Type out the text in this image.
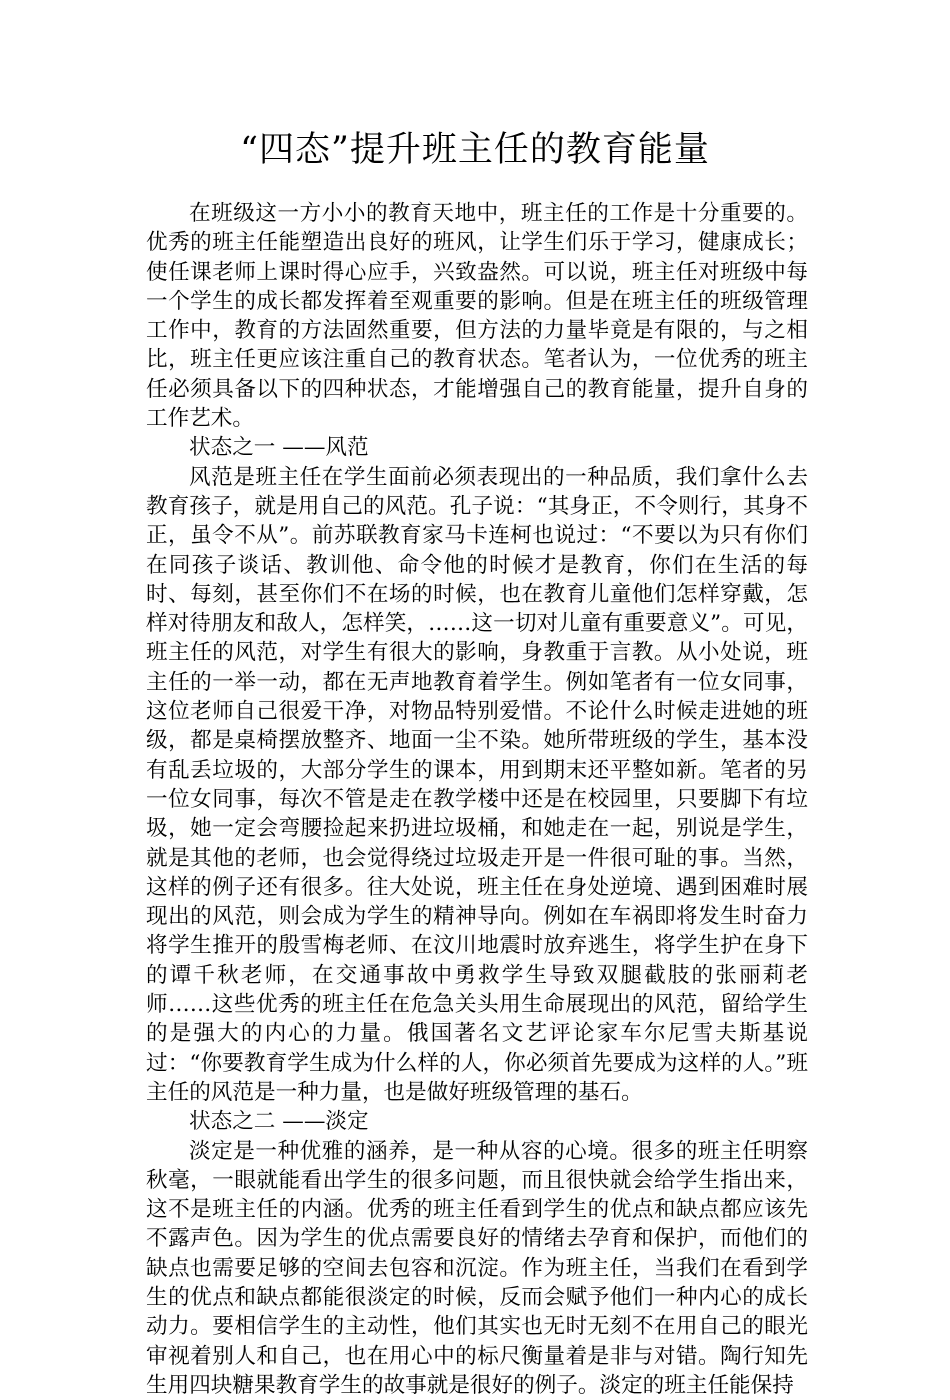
“四态”提升班主任的教育能量

在班级这一方小小的教育天地中，班主任的工作是十分重要的。优秀的班主任能塑造出良好的班风，让学生们乐于学习，健康成长；使任课老师上课时得心应手，兴致盎然。可以说，班主任对班级中每一个学生的成长都发挥着至观重要的影响。但是在班主任的班级管理工作中，教育的方法固然重要，但方法的力量毕竟是有限的，与之相比，班主任更应该注重自己的教育状态。笔者认为，一位优秀的班主任必须具备以下的四种状态，才能增强自己的教育能量，提升自身的工作艺术。

状态之一 ——风范

风范是班主任在学生面前必须表现出的一种品质，我们拿什么去教育孩子，就是用自己的风范。孔子说：“其身正，不令则行，其身不正，虽令不从”。前苏联教育家马卡连柯也说过：“不要以为只有你们在同孩子谈话、教训他、命令他的时候才是教育，你们在生活的每时、每刻，甚至你们不在场的时候，也在教育儿童他们怎样穿戴，怎样对待朋友和敌人，怎样笑，……这一切对儿童有重要意义”。可见，班主任的风范，对学生有很大的影响，身教重于言教。从小处说，班主任的一举一动，都在无声地教育着学生。例如笔者有一位女同事，这位老师自己很爱干净，对物品特别爱惜。不论什么时候走进她的班级，都是桌椅摆放整齐、地面一尘不染。她所带班级的学生，基本没有乱丢垃圾的，大部分学生的课本，用到期末还平整如新。笔者的另一位女同事，每次不管是走在教学楼中还是在校园里，只要脚下有垃圾，她一定会弯腰捡起来扔进垃圾桶，和她走在一起，别说是学生，就是其他的老师，也会觉得绕过垃圾走开是一件很可耻的事。当然，这样的例子还有很多。往大处说，班主任在身处逆境、遇到困难时展现出的风范，则会成为学生的精神导向。例如在车祸即将发生时奋力将学生推开的殷雪梅老师、在汶川地震时放弃逃生，将学生护在身下的谭千秋老师，在交通事故中勇救学生导致双腿截肢的张丽莉老师……这些优秀的班主任在危急关头用生命展现出的风范，留给学生的是强大的内心的力量。俄国著名文艺评论家车尔尼雪夫斯基说过：“你要教育学生成为什么样的人，你必须首先要成为这样的人。”班主任的风范是一种力量，也是做好班级管理的基石。

状态之二 ——淡定

淡定是一种优雅的涵养，是一种从容的心境。很多的班主任明察秋毫，一眼就能看出学生的很多问题，而且很快就会给学生指出来，这不是班主任的内涵。优秀的班主任看到学生的优点和缺点都应该先不露声色。因为学生的优点需要良好的情绪去孕育和保护，而他们的缺点也需要足够的空间去包容和沉淀。作为班主任，当我们在看到学生的优点和缺点都能很淡定的时候，反而会赋予他们一种内心的成长动力。要相信学生的主动性，他们其实也无时无刻不在用自己的眼光审视着别人和自己，也在用心中的标尺衡量着是非与对错。陶行知先生用四块糖果教育学生的故事就是很好的例子。淡定的班主任能保持
